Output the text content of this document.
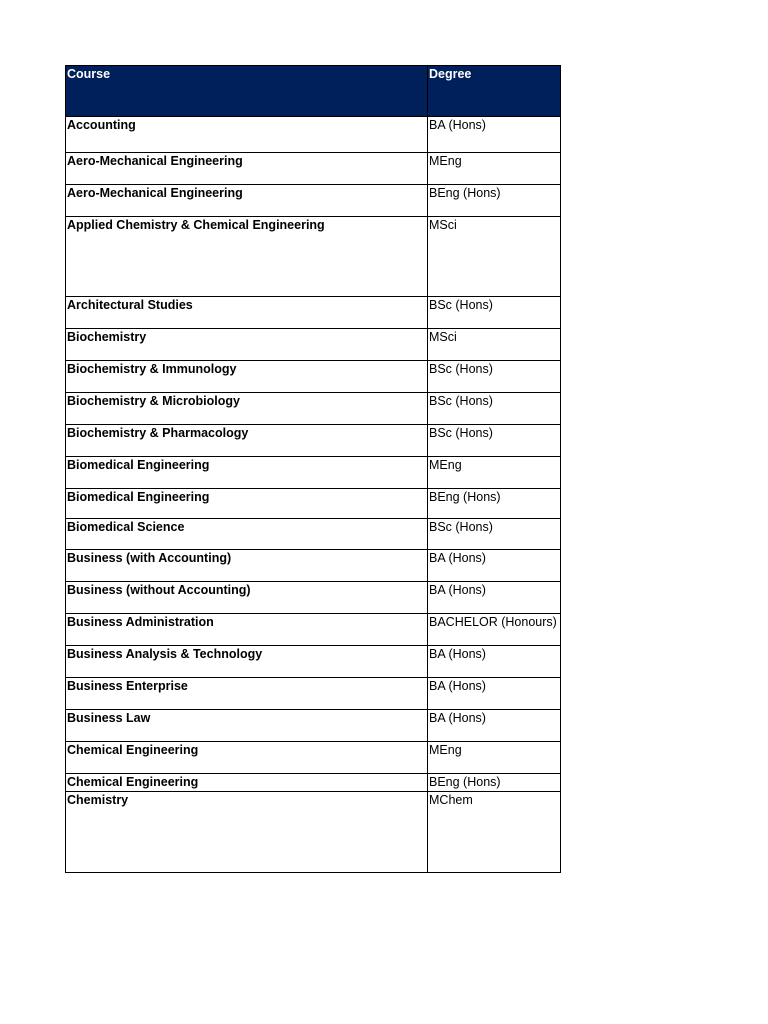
Course	Degree
Accounting	BA (Hons)
Aero-Mechanical Engineering	MEng
Aero-Mechanical Engineering	BEng (Hons)
Applied Chemistry & Chemical Engineering	MSci
Architectural Studies	BSc (Hons)
Biochemistry	MSci
Biochemistry & Immunology	BSc (Hons)
Biochemistry & Microbiology	BSc (Hons)
Biochemistry & Pharmacology	BSc (Hons)
Biomedical Engineering	MEng
Biomedical Engineering	BEng (Hons)
Biomedical Science	BSc (Hons)
Business (with Accounting)	BA (Hons)
Business (without Accounting)	BA (Hons)
Business Administration	BACHELOR (Honours)
Business Analysis & Technology	BA (Hons)
Business Enterprise	BA (Hons)
Business Law	BA (Hons)
Chemical Engineering	MEng
Chemical Engineering	BEng (Hons)
Chemistry	MChem
